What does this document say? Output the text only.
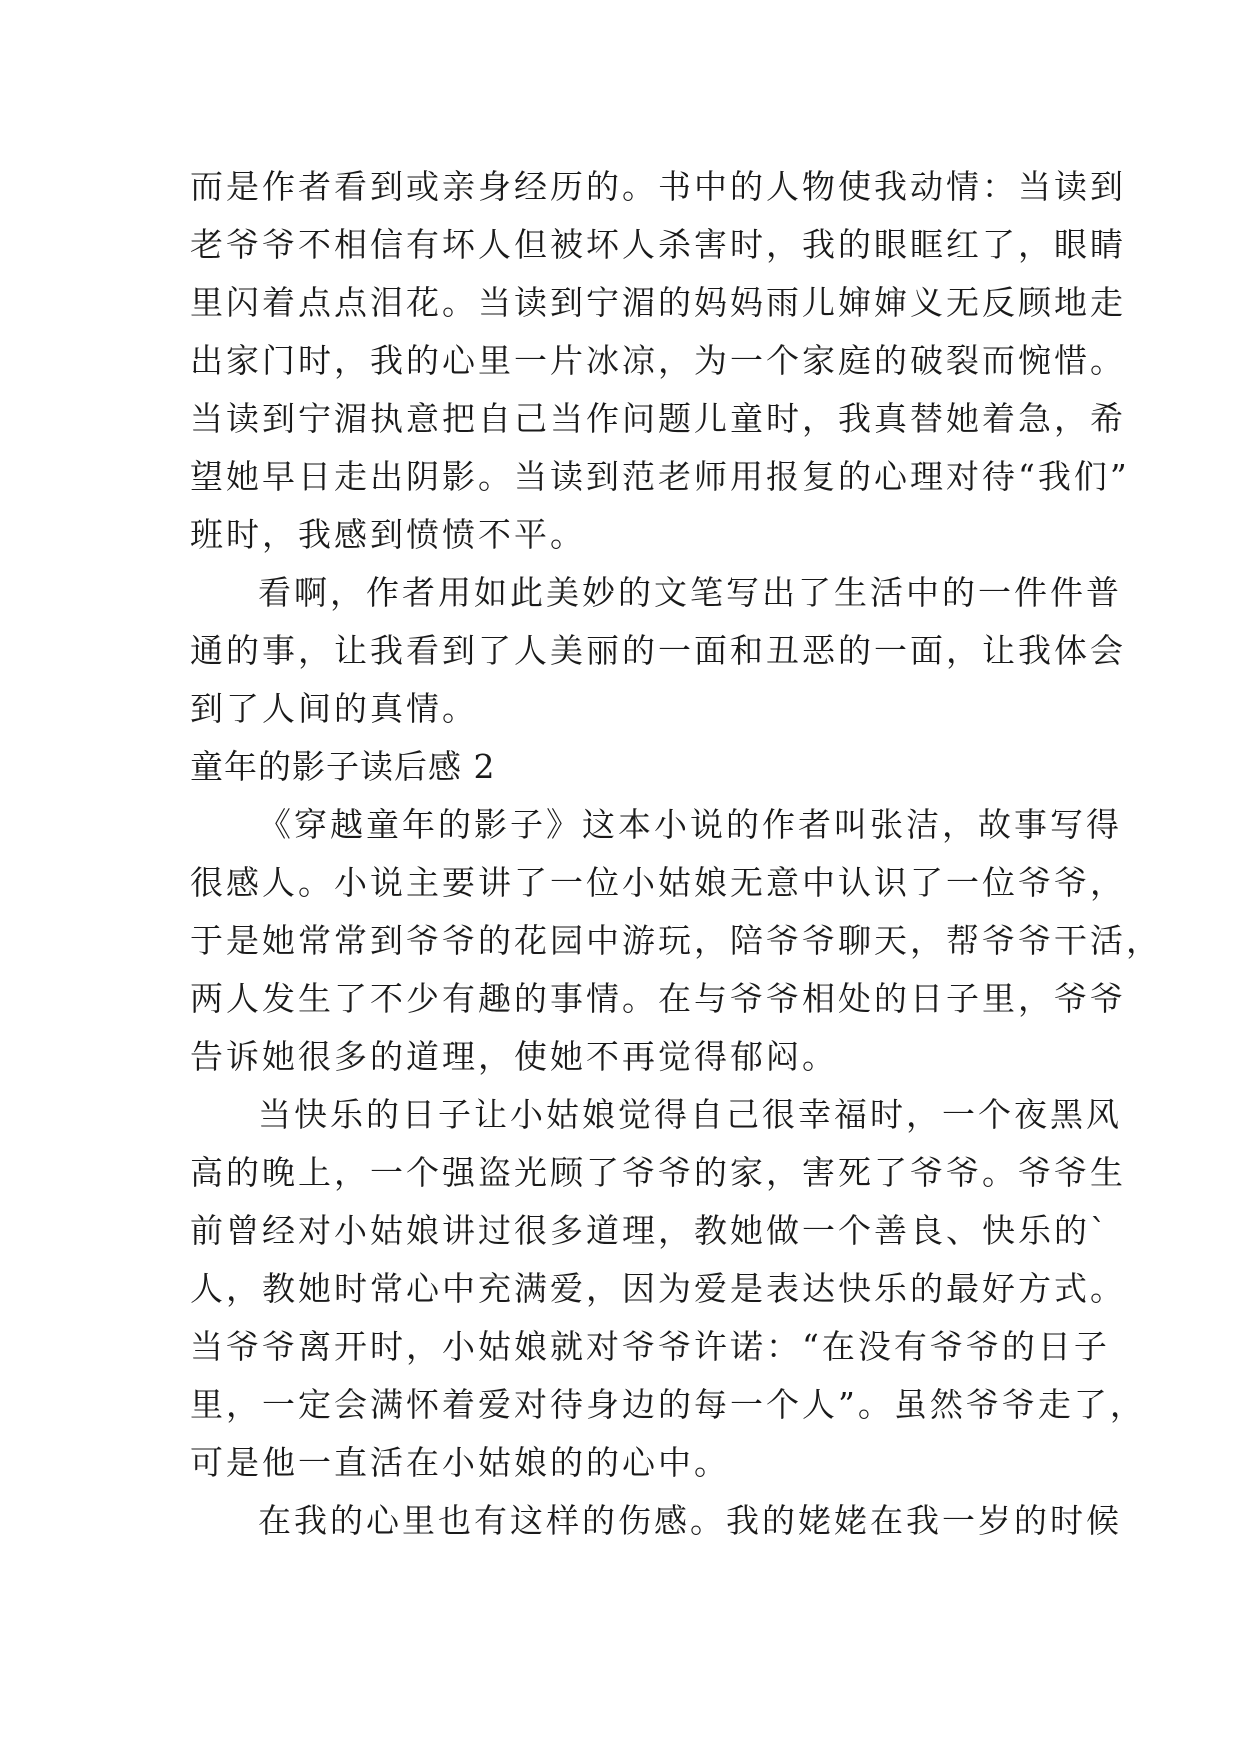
而是作者看到或亲身经历的。书中的人物使我动情：当读到
老爷爷不相信有坏人但被坏人杀害时，我的眼眶红了，眼睛
里闪着点点泪花。当读到宁湄的妈妈雨儿婶婶义无反顾地走
出家门时，我的心里一片冰凉，为一个家庭的破裂而惋惜。
当读到宁湄执意把自己当作问题儿童时，我真替她着急，希
望她早日走出阴影。当读到范老师用报复的心理对待“我们”
班时，我感到愤愤不平。
看啊，作者用如此美妙的文笔写出了生活中的一件件普
通的事，让我看到了人美丽的一面和丑恶的一面，让我体会
到了人间的真情。
童年的影子读后感 2
《穿越童年的影子》这本小说的作者叫张洁，故事写得
很感人。小说主要讲了一位小姑娘无意中认识了一位爷爷，
于是她常常到爷爷的花园中游玩，陪爷爷聊天，帮爷爷干活，
两人发生了不少有趣的事情。在与爷爷相处的日子里，爷爷
告诉她很多的道理，使她不再觉得郁闷。
当快乐的日子让小姑娘觉得自己很幸福时，一个夜黑风
高的晚上，一个强盗光顾了爷爷的家，害死了爷爷。爷爷生
前曾经对小姑娘讲过很多道理，教她做一个善良、快乐的`
人，教她时常心中充满爱，因为爱是表达快乐的最好方式。
当爷爷离开时，小姑娘就对爷爷许诺：“在没有爷爷的日子
里，一定会满怀着爱对待身边的每一个人”。虽然爷爷走了，
可是他一直活在小姑娘的的心中。
在我的心里也有这样的伤感。我的姥姥在我一岁的时候
